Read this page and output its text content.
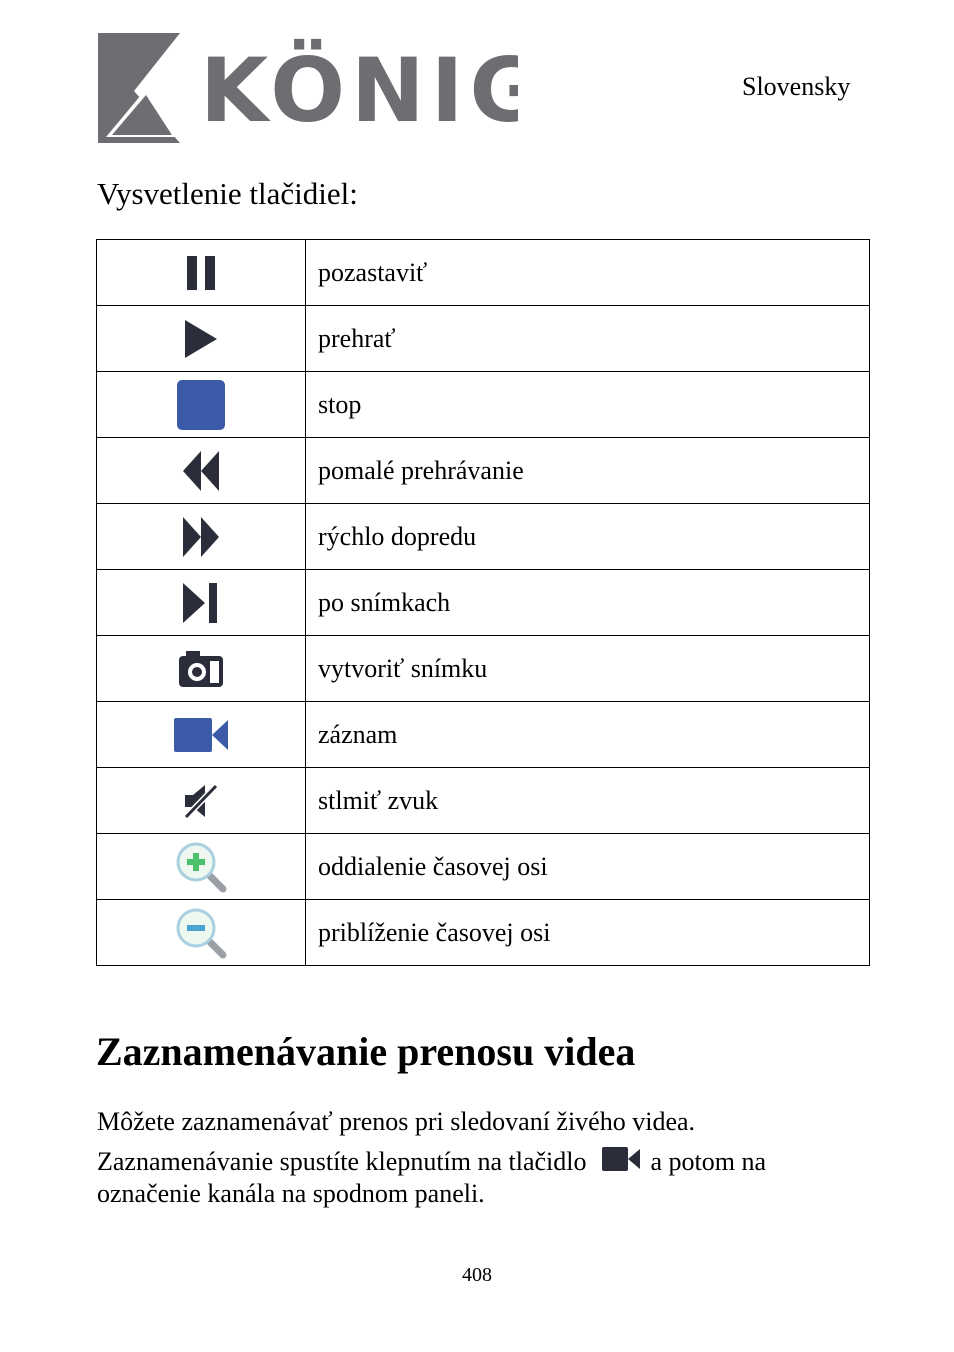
KÖNIG	Slovensky
Vysvetlenie tlačidiel:
	pozastaviť

	prehrať

	stop

	pomalé prehrávanie

	rýchlo dopredu

	po snímkach

	vytvoriť snímku

	záznam

	stlmiť zvuk

	oddialenie časovej osi

	priblíženie časovej osi
Zaznamenávanie prenosu videa
Môžete zaznamenávať prenos pri sledovaní živého videa.
Zaznamenávanie spustíte klepnutím na tlačidlo a potom na
označenie kanála na spodnom paneli.
408
